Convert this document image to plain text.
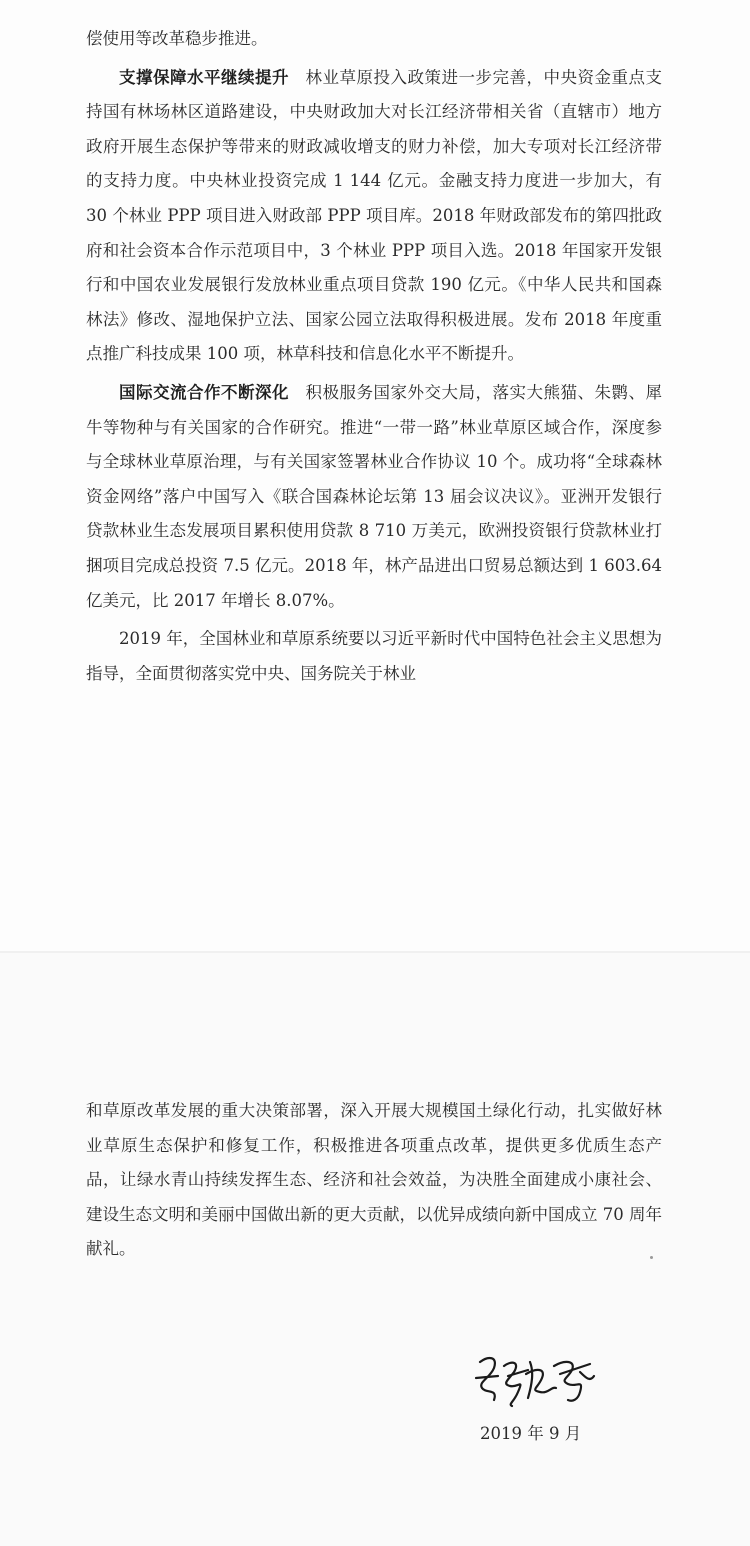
偿使用等改革稳步推进。

支撑保障水平继续提升 林业草原投入政策进一步完善，中央资金重点支持国有林场林区道路建设，中央财政加大对长江经济带相关省（直辖市）地方政府开展生态保护等带来的财政减收增支的财力补偿，加大专项对长江经济带的支持力度。中央林业投资完成 1 144 亿元。金融支持力度进一步加大，有 30 个林业 PPP 项目进入财政部 PPP 项目库。2018 年财政部发布的第四批政府和社会资本合作示范项目中，3 个林业 PPP 项目入选。2018 年国家开发银行和中国农业发展银行发放林业重点项目贷款 190 亿元。《中华人民共和国森林法》修改、湿地保护立法、国家公园立法取得积极进展。发布 2018 年度重点推广科技成果 100 项，林草科技和信息化水平不断提升。

国际交流合作不断深化 积极服务国家外交大局，落实大熊猫、朱鹮、犀牛等物种与有关国家的合作研究。推进“一带一路”林业草原区域合作，深度参与全球林业草原治理，与有关国家签署林业合作协议 10 个。成功将“全球森林资金网络”落户中国写入《联合国森林论坛第 13 届会议决议》。亚洲开发银行贷款林业生态发展项目累积使用贷款 8 710 万美元，欧洲投资银行贷款林业打捆项目完成总投资 7.5 亿元。2018 年，林产品进出口贸易总额达到 1 603.64 亿美元，比 2017 年增长 8.07%。

2019 年，全国林业和草原系统要以习近平新时代中国特色社会主义思想为指导，全面贯彻落实党中央、国务院关于林业

和草原改革发展的重大决策部署，深入开展大规模国土绿化行动，扎实做好林业草原生态保护和修复工作，积极推进各项重点改革，提供更多优质生态产品，让绿水青山持续发挥生态、经济和社会效益，为决胜全面建成小康社会、建设生态文明和美丽中国做出新的更大贡献，以优异成绩向新中国成立 70 周年献礼。

2019 年 9 月
